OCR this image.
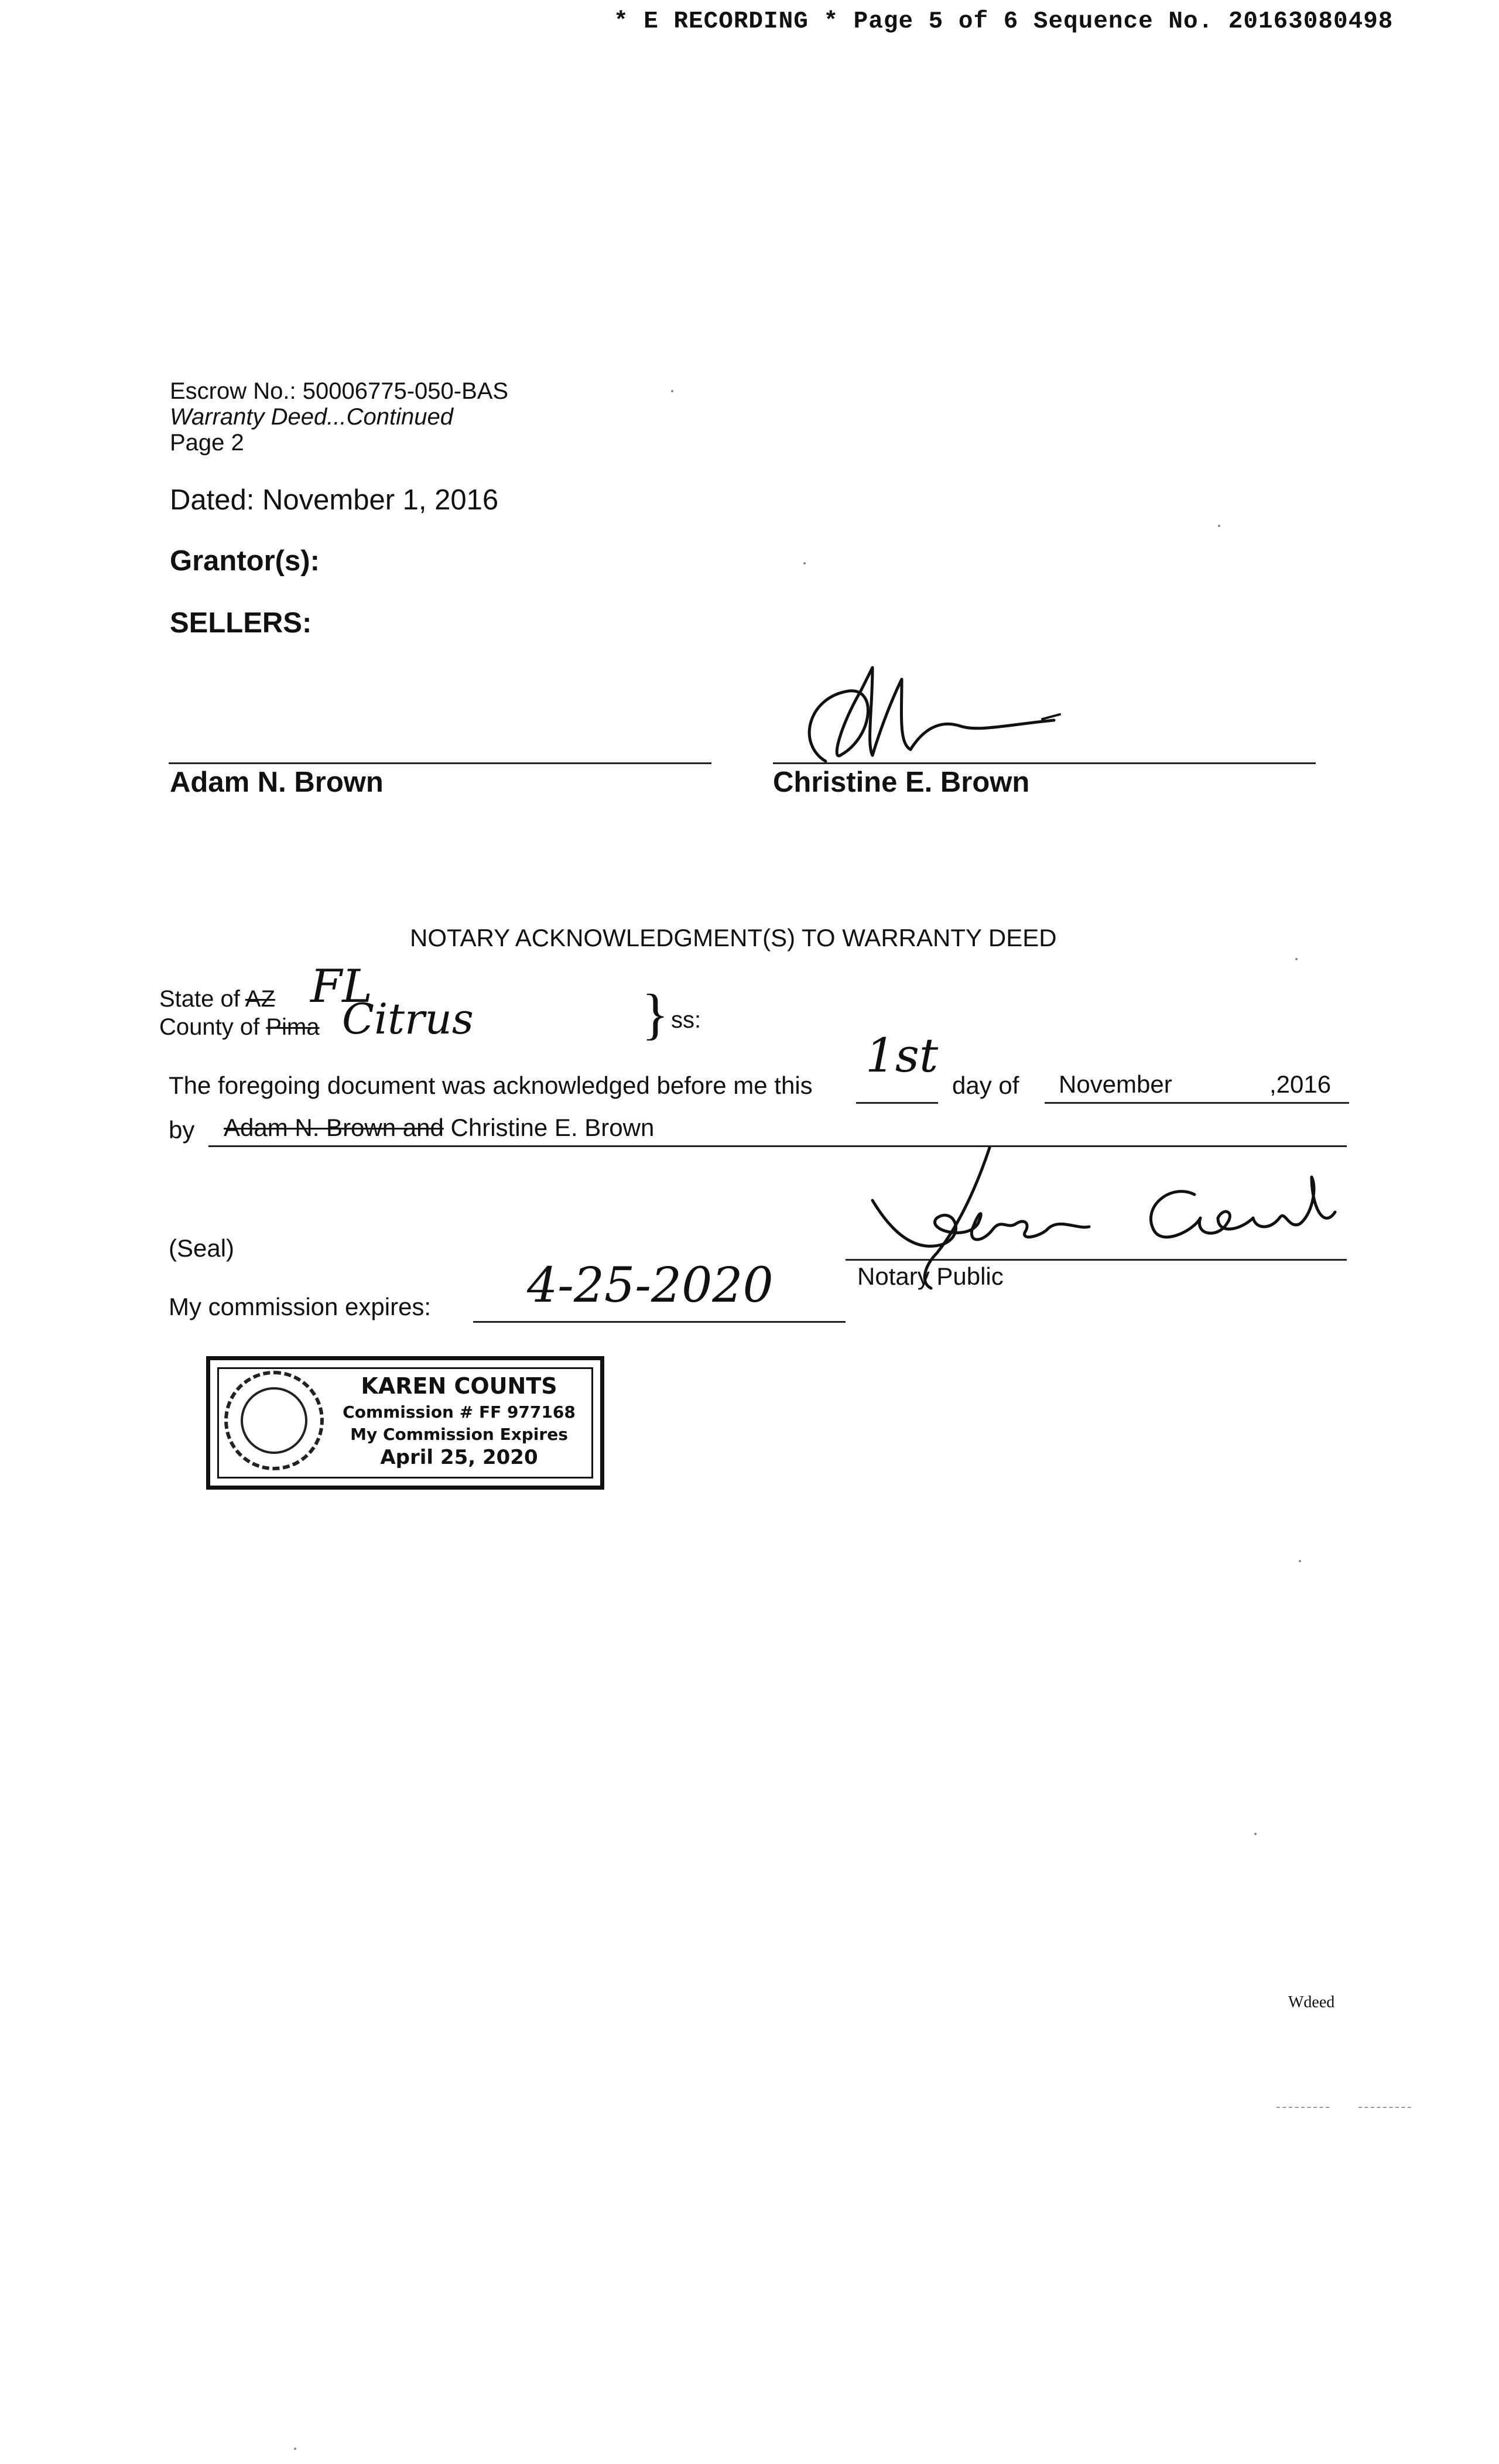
* E RECORDING * Page 5 of 6 Sequence No. 20163080498
Escrow No.: 50006775-050-BAS
Warranty Deed...Continued
Page 2
Dated: November 1, 2016
Grantor(s):
SELLERS:
Adam N. Brown	Christine E. Brown
NOTARY ACKNOWLEDGMENT(S) TO WARRANTY DEED
State of AZ FL
County of Pima Citrus	} ss:
The foregoing document was acknowledged before me this
1st
day of November	,2016
by Adam N. Brown and Christine E. Brown
(Seal)
Notary Public
My commission expires: 4-25-2020
KAREN COUNTS
Commission # FF 977168
My Commission Expires
April 25, 2020
Wdeed
